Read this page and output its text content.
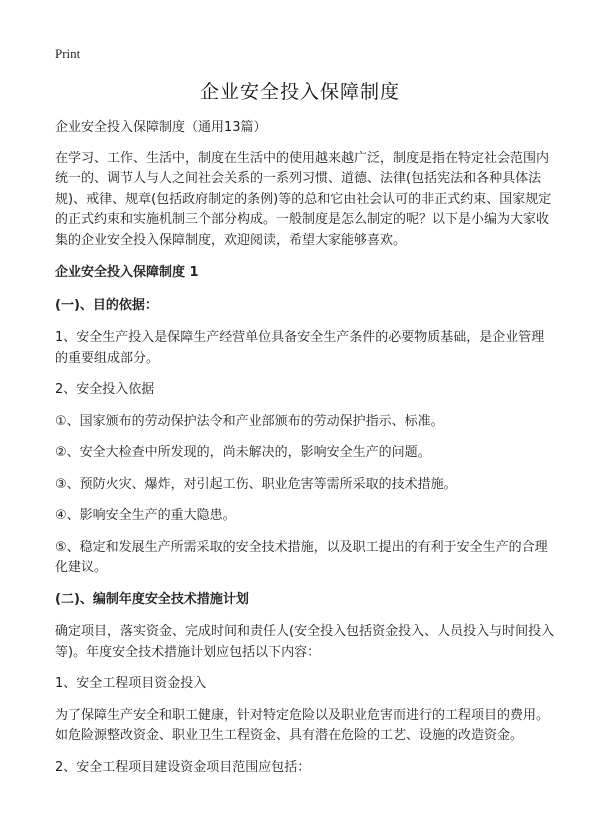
Print
企业安全投入保障制度

企业安全投入保障制度（通用13篇）

在学习、工作、生活中，制度在生活中的使用越来越广泛，制度是指在特定社会范围内统一的、调节人与人之间社会关系的一系列习惯、道德、法律(包括宪法和各种具体法规)、戒律、规章(包括政府制定的条例)等的总和它由社会认可的非正式约束、国家规定的正式约束和实施机制三个部分构成。一般制度是怎么制定的呢？以下是小编为大家收集的企业安全投入保障制度，欢迎阅读，希望大家能够喜欢。

企业安全投入保障制度 1

(一)、目的依据：

1、安全生产投入是保障生产经营单位具备安全生产条件的必要物质基础，是企业管理的重要组成部分。

2、安全投入依据

①、国家颁布的劳动保护法令和产业部颁布的劳动保护指示、标准。

②、安全大检查中所发现的，尚未解决的，影响安全生产的问题。

③、预防火灾、爆炸，对引起工伤、职业危害等需所采取的技术措施。

④、影响安全生产的重大隐患。

⑤、稳定和发展生产所需采取的安全技术措施，以及职工提出的有利于安全生产的合理化建议。

(二)、编制年度安全技术措施计划

确定项目，落实资金、完成时间和责任人(安全投入包括资金投入、人员投入与时间投入等)。年度安全技术措施计划应包括以下内容：

1、安全工程项目资金投入

为了保障生产安全和职工健康，针对特定危险以及职业危害而进行的工程项目的费用。如危险源整改资金、职业卫生工程资金、具有潜在危险的工艺、设施的改造资金。

2、安全工程项目建设资金项目范围应包括：
